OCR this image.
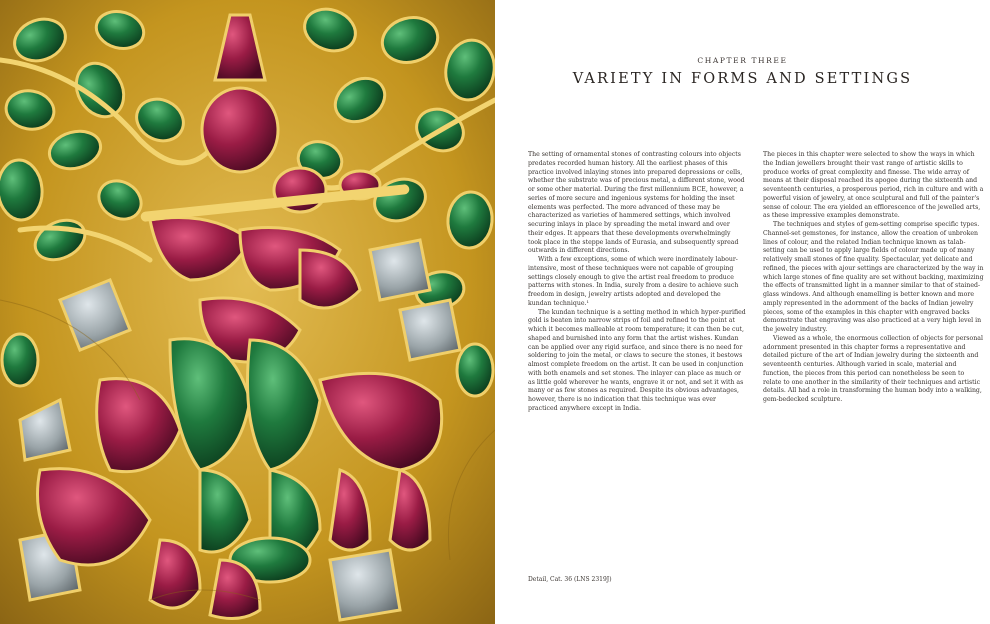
CHAPTER THREE
VARIETY IN FORMS AND SETTINGS

The setting of ornamental stones of contrasting colours into objects predates recorded human history. All the earliest phases of this practice involved inlaying stones into prepared depressions or cells, whether the substrate was of precious metal, a different stone, wood or some other material. During the first millennium BCE, however, a series of more secure and ingenious systems for holding the inset elements was perfected. The more advanced of these may be characterized as varieties of hammered settings, which involved securing inlays in place by spreading the metal inward and over their edges. It appears that these developments overwhelmingly took place in the steppe lands of Eurasia, and subsequently spread outwards in different directions.

With a few exceptions, some of which were inordinately labour-intensive, most of these techniques were not capable of grouping settings closely enough to give the artist real freedom to produce patterns with stones. In India, surely from a desire to achieve such freedom in design, jewelry artists adopted and developed the kundan technique.¹

The kundan technique is a setting method in which hyper-purified gold is beaten into narrow strips of foil and refined to the point at which it becomes malleable at room temperature; it can then be cut, shaped and burnished into any form that the artist wishes. Kundan can be applied over any rigid surface, and since there is no need for soldering to join the metal, or claws to secure the stones, it bestows almost complete freedom on the artist. It can be used in conjunction with both enamels and set stones. The inlayer can place as much or as little gold wherever he wants, engrave it or not, and set it with as many or as few stones as required. Despite its obvious advantages, however, there is no indication that this technique was ever practiced anywhere except in India.

The pieces in this chapter were selected to show the ways in which the Indian jewellers brought their vast range of artistic skills to produce works of great complexity and finesse. The wide array of means at their disposal reached its apogee during the sixteenth and seventeenth centuries, a prosperous period, rich in culture and with a powerful vision of jewelry, at once sculptural and full of the painter's sense of colour. The era yielded an efflorescence of the jewelled arts, as these impressive examples demonstrate.

The techniques and styles of gem-setting comprise specific types. Channel-set gemstones, for instance, allow the creation of unbroken lines of colour, and the related Indian technique known as talab-setting can be used to apply large fields of colour made up of many relatively small stones of fine quality. Spectacular, yet delicate and refined, the pieces with ajour settings are characterized by the way in which large stones of fine quality are set without backing, maximizing the effects of transmitted light in a manner similar to that of stained-glass windows. And although enamelling is better known and more amply represented in the adornment of the backs of Indian jewelry pieces, some of the examples in this chapter with engraved backs demonstrate that engraving was also practiced at a very high level in the jewelry industry.

Viewed as a whole, the enormous collection of objects for personal adornment presented in this chapter forms a representative and detailed picture of the art of Indian jewelry during the sixteenth and seventeenth centuries. Although varied in scale, material and function, the pieces from this period can nonetheless be seen to relate to one another in the similarity of their techniques and artistic details. All had a role in transforming the human body into a walking, gem-bedecked sculpture.

Detail, Cat. 36 (LNS 2319J)
